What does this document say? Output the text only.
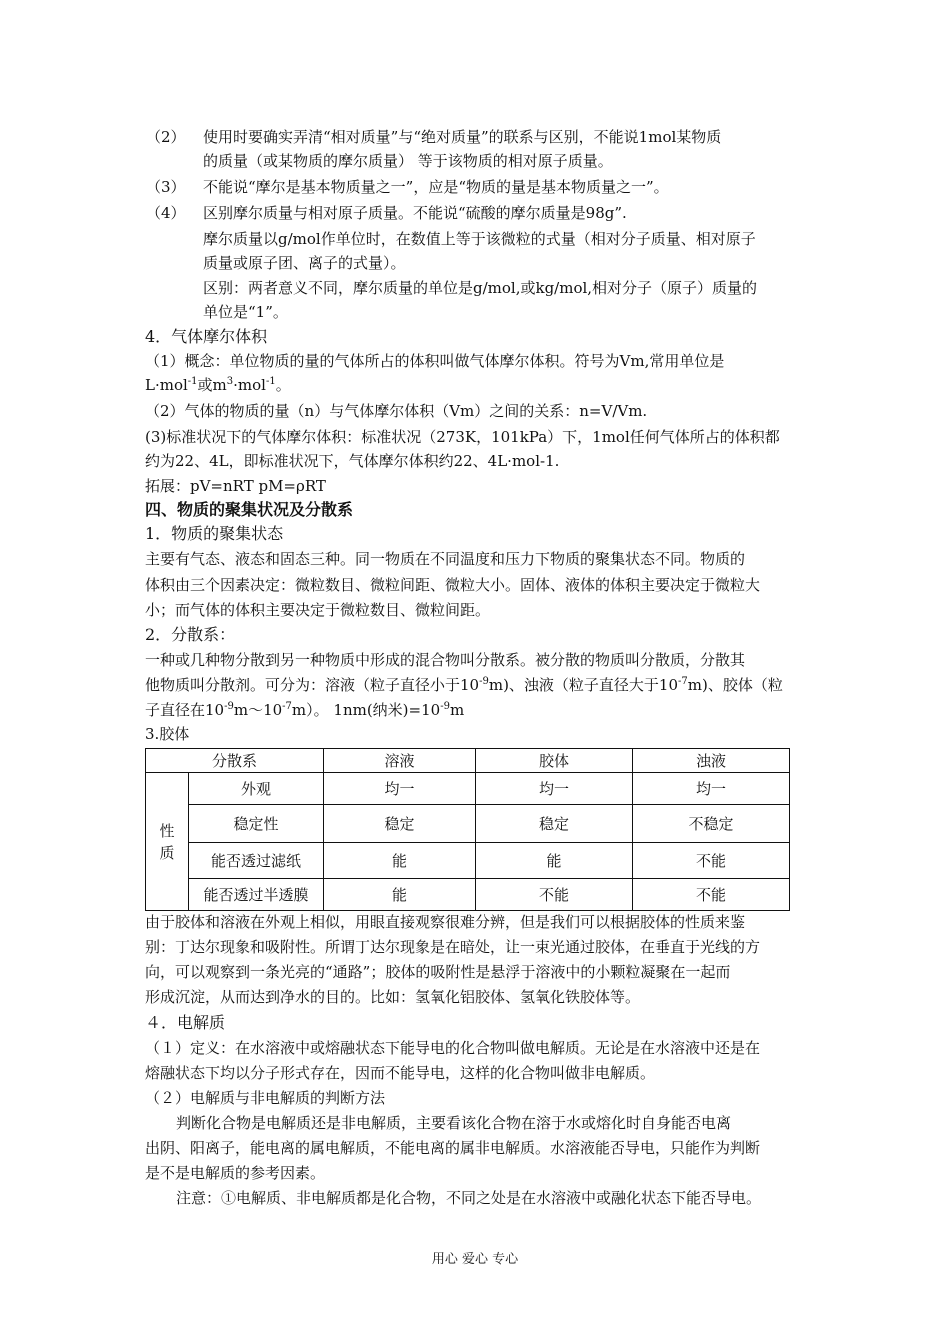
（2） 使用时要确实弄清“相对质量”与“绝对质量”的联系与区别，不能说1mol某物质
的质量（或某物质的摩尔质量） 等于该物质的相对原子质量。
（3） 不能说“摩尔是基本物质量之一”，应是“物质的量是基本物质量之一”。
（4） 区别摩尔质量与相对原子质量。不能说“硫酸的摩尔质量是98g”.
摩尔质量以g/mol作单位时，在数值上等于该微粒的式量（相对分子质量、相对原子
质量或原子团、离子的式量）。
区别：两者意义不同，摩尔质量的单位是g/mol,或kg/mol,相对分子（原子）质量的
单位是“1”。
4．气体摩尔体积
（1）概念：单位物质的量的气体所占的体积叫做气体摩尔体积。符号为Vm,常用单位是
L·mol$^{-1}$或$m^3\cdot mol^{-1}$。
（2）气体的物质的量（n）与气体摩尔体积（Vm）之间的关系：n=V/Vm.
(3)标准状况下的气体摩尔体积：标准状况（273K，101kPa）下，1mol任何气体所占的体积都
约为22、4L，即标准状况下，气体摩尔体积约22、4L·mol-1.
拓展：pV=nRT pM=ρRT
四、物质的聚集状况及分散系
1．物质的聚集状态
主要有气态、液态和固态三种。同一物质在不同温度和压力下物质的聚集状态不同。物质的
体积由三个因素决定：微粒数目、微粒间距、微粒大小。固体、液体的体积主要决定于微粒大
小；而气体的体积主要决定于微粒数目、微粒间距。
2．分散系：
一种或几种物分散到另一种物质中形成的混合物叫分散系。被分散的物质叫分散质，分散其
他物质叫分散剂。可分为：溶液（粒子直径小于$10^{-9}m$)、浊液（粒子直径大于$10^{-7}m$)、胶体（粒
子直径在$10^{-9}m\sim 10^{-7}m$）。 1nm(纳米)$=10^{-9}m$
3.胶体
分散系		溶液	胶体	浊液
性
质	外观	均一	均一	均一
	稳定性	稳定	稳定	不稳定
	能否透过滤纸	能	能	不能
	能否透过半透膜	能	不能	不能
由于胶体和溶液在外观上相似，用眼直接观察很难分辨，但是我们可以根据胶体的性质来鉴
别：丁达尔现象和吸附性。所谓丁达尔现象是在暗处，让一束光通过胶体，在垂直于光线的方
向，可以观察到一条光亮的“通路”；胶体的吸附性是悬浮于溶液中的小颗粒凝聚在一起而
形成沉淀，从而达到净水的目的。比如：氢氧化铝胶体、氢氧化铁胶体等。
４．电解质
（１）定义：在水溶液中或熔融状态下能导电的化合物叫做电解质。无论是在水溶液中还是在
熔融状态下均以分子形式存在，因而不能导电，这样的化合物叫做非电解质。
（２）电解质与非电解质的判断方法
判断化合物是电解质还是非电解质，主要看该化合物在溶于水或熔化时自身能否电离
出阴、阳离子，能电离的属电解质，不能电离的属非电解质。水溶液能否导电，只能作为判断
是不是电解质的参考因素。
注意：①电解质、非电解质都是化合物，不同之处是在水溶液中或融化状态下能否导电。
用心 爱心 专心
